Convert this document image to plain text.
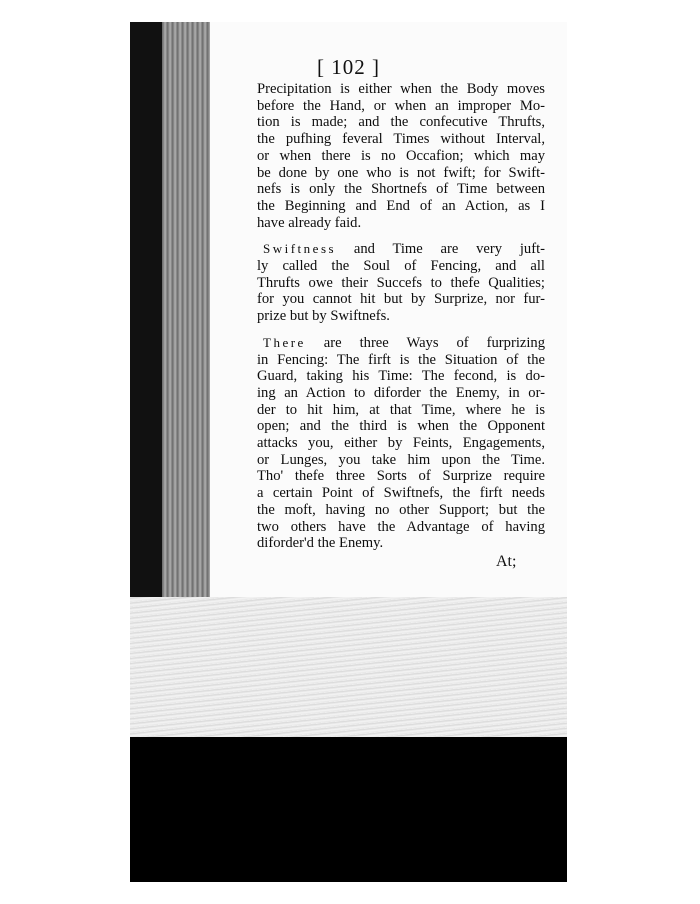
[ 102 ]
Precipitation is either when the Body moves
before the Hand, or when an improper Mo-
tion is made; and the confecutive Thrufts,
the pufhing feveral Times without Interval,
or when there is no Occafion; which may
be done by one who is not fwift; for Swift-
nefs is only the Shortnefs of Time between
the Beginning and End of an Action, as I
have already faid.
Swiftness and Time are very juft-
ly called the Soul of Fencing, and all
Thrufts owe their Succefs to thefe Qualities;
for you cannot hit but by Surprize, nor fur-
prize but by Swiftnefs.
There are three Ways of furprizing
in Fencing: The firft is the Situation of the
Guard, taking his Time: The fecond, is do-
ing an Action to diforder the Enemy, in or-
der to hit him, at that Time, where he is
open; and the third is when the Opponent
attacks you, either by Feints, Engagements,
or Lunges, you take him upon the Time.
Tho' thefe three Sorts of Surprize require
a certain Point of Swiftnefs, the firft needs
the moft, having no other Support; but the
two others have the Advantage of having
diforder'd the Enemy.
At;
